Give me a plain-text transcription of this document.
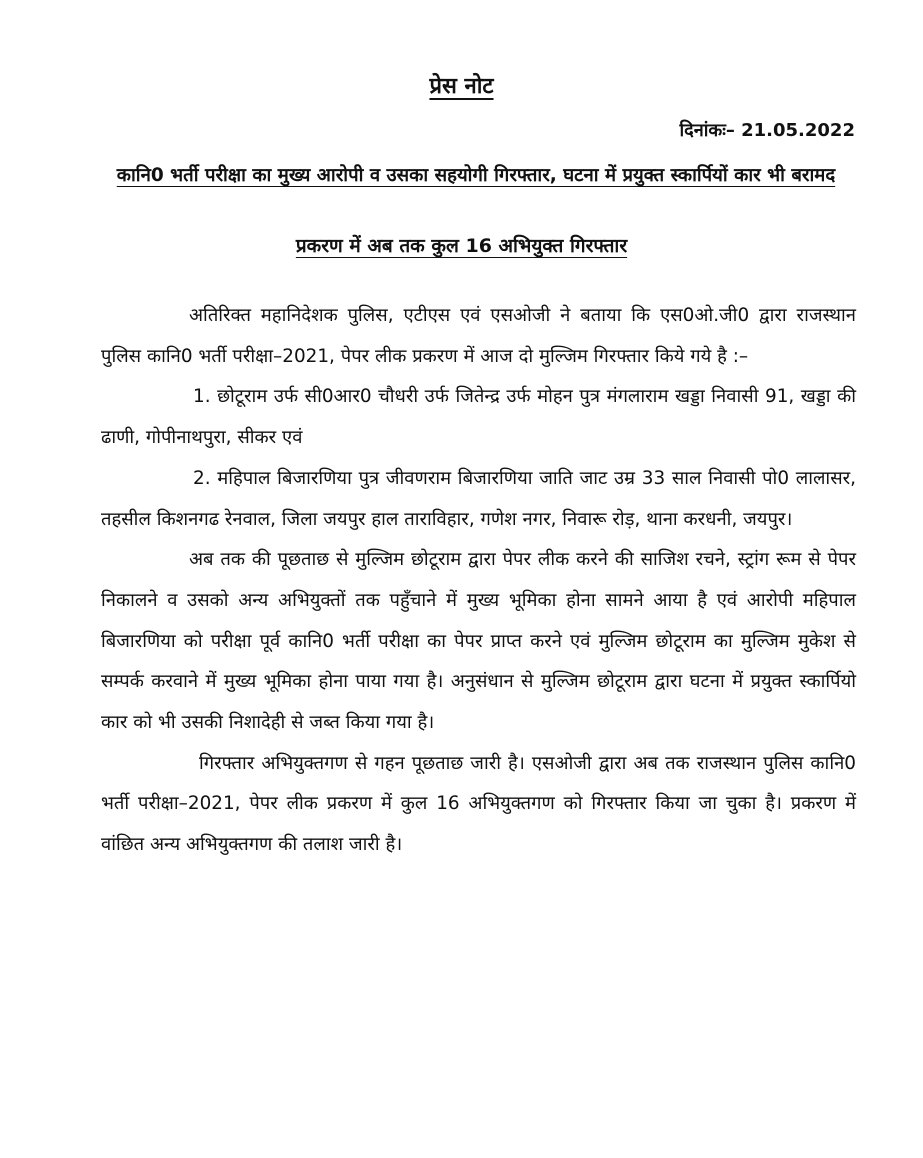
प्रेस नोट
दिनांकः– 21.05.2022
कानि0 भर्ती परीक्षा का मुख्य आरोपी व उसका सहयोगी गिरफ्तार, घटना में प्रयुक्त स्कार्पियों कार भी बरामद
प्रकरण में अब तक कुल 16 अभियुक्त गिरफ्तार

अतिरिक्त महानिदेशक पुलिस, एटीएस एवं एसओजी ने बताया कि एस0ओ.जी0 द्वारा राजस्थान पुलिस कानि0 भर्ती परीक्षा–2021, पेपर लीक प्रकरण में आज दो मुल्जिम गिरफ्तार किये गये है :–

1. छोटूराम उर्फ सी0आर0 चौधरी उर्फ जितेन्द्र उर्फ मोहन पुत्र मंगलाराम खड्डा निवासी 91, खड्डा की ढाणी, गोपीनाथपुरा, सीकर एवं

2. महिपाल बिजारणिया पुत्र जीवणराम बिजारणिया जाति जाट उम्र 33 साल निवासी पो0 लालासर, तहसील किशनगढ रेनवाल, जिला जयपुर हाल ताराविहार, गणेश नगर, निवारू रोड़, थाना करधनी, जयपुर।

अब तक की पूछताछ से मुल्जिम छोटूराम द्वारा पेपर लीक करने की साजिश रचने, स्ट्रांग रूम से पेपर निकालने व उसको अन्य अभियुक्तों तक पहुँचाने में मुख्य भूमिका होना सामने आया है एवं आरोपी महिपाल बिजारणिया को परीक्षा पूर्व कानि0 भर्ती परीक्षा का पेपर प्राप्त करने एवं मुल्जिम छोटूराम का मुल्जिम मुकेश से सम्पर्क करवाने में मुख्य भूमिका होना पाया गया है। अनुसंधान से मुल्जिम छोटूराम द्वारा घटना में प्रयुक्त स्कार्पियो कार को भी उसकी निशादेही से जब्त किया गया है।

गिरफ्तार अभियुक्तगण से गहन पूछताछ जारी है। एसओजी द्वारा अब तक राजस्थान पुलिस कानि0 भर्ती परीक्षा–2021, पेपर लीक प्रकरण में कुल 16 अभियुक्तगण को गिरफ्तार किया जा चुका है। प्रकरण में वांछित अन्य अभियुक्तगण की तलाश जारी है।
